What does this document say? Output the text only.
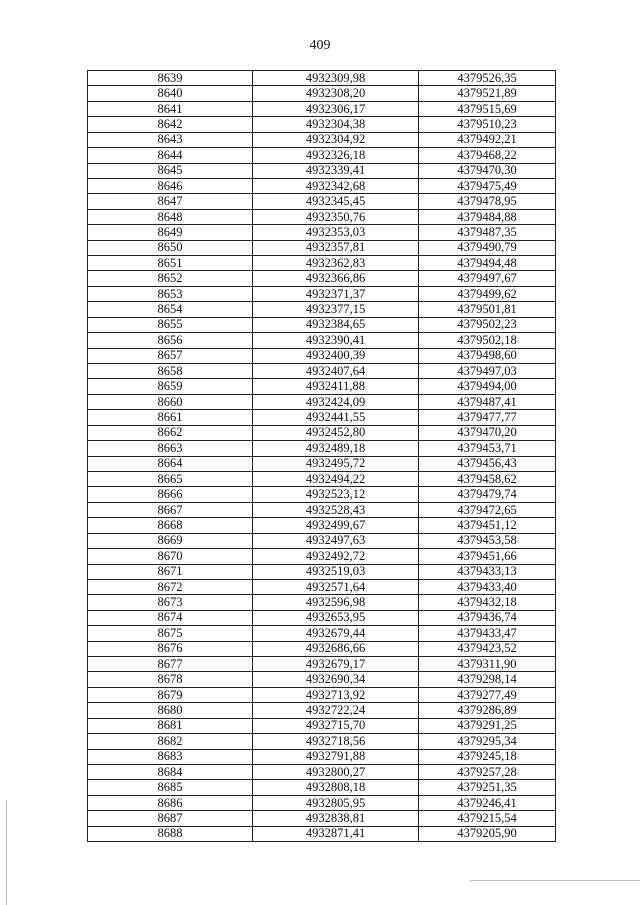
409
8639	4932309,98	4379526,35
8640	4932308,20	4379521,89
8641	4932306,17	4379515,69
8642	4932304,38	4379510,23
8643	4932304,92	4379492,21
8644	4932326,18	4379468,22
8645	4932339,41	4379470,30
8646	4932342,68	4379475,49
8647	4932345,45	4379478,95
8648	4932350,76	4379484,88
8649	4932353,03	4379487,35
8650	4932357,81	4379490,79
8651	4932362,83	4379494,48
8652	4932366,86	4379497,67
8653	4932371,37	4379499,62
8654	4932377,15	4379501,81
8655	4932384,65	4379502,23
8656	4932390,41	4379502,18
8657	4932400,39	4379498,60
8658	4932407,64	4379497,03
8659	4932411,88	4379494,00
8660	4932424,09	4379487,41
8661	4932441,55	4379477,77
8662	4932452,80	4379470,20
8663	4932489,18	4379453,71
8664	4932495,72	4379456,43
8665	4932494,22	4379458,62
8666	4932523,12	4379479,74
8667	4932528,43	4379472,65
8668	4932499,67	4379451,12
8669	4932497,63	4379453,58
8670	4932492,72	4379451,66
8671	4932519,03	4379433,13
8672	4932571,64	4379433,40
8673	4932596,98	4379432,18
8674	4932653,95	4379436,74
8675	4932679,44	4379433,47
8676	4932686,66	4379423,52
8677	4932679,17	4379311,90
8678	4932690,34	4379298,14
8679	4932713,92	4379277,49
8680	4932722,24	4379286,89
8681	4932715,70	4379291,25
8682	4932718,56	4379295,34
8683	4932791,88	4379245,18
8684	4932800,27	4379257,28
8685	4932808,18	4379251,35
8686	4932805,95	4379246,41
8687	4932838,81	4379215,54
8688	4932871,41	4379205,90
